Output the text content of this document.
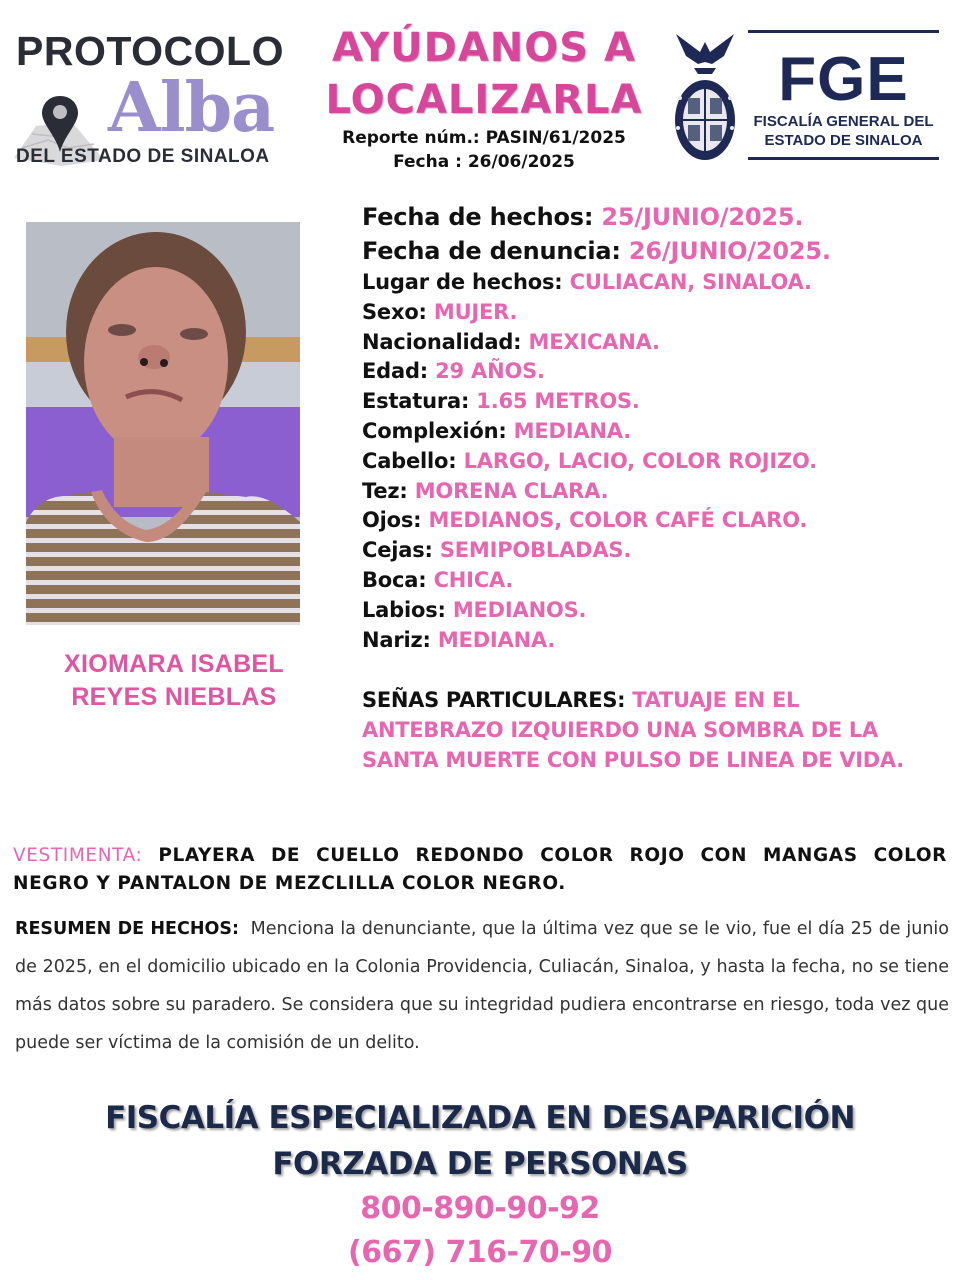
PROTOCOLO
Alba
DEL ESTADO DE SINALOA
AYÚDANOS A
LOCALIZARLA
Reporte núm.: PASIN/61/2025
Fecha : 26/06/2025
FGE
FISCALÍA GENERAL DEL
ESTADO DE SINALOA
XIOMARA ISABEL
REYES NIEBLAS
Fecha de hechos: 25/JUNIO/2025.
Fecha de denuncia: 26/JUNIO/2025.
Lugar de hechos: CULIACAN, SINALOA.
Sexo: MUJER.
Nacionalidad: MEXICANA.
Edad: 29 AÑOS.
Estatura: 1.65 METROS.
Complexión: MEDIANA.
Cabello: LARGO, LACIO, COLOR ROJIZO.
Tez: MORENA CLARA.
Ojos: MEDIANOS, COLOR CAFÉ CLARO.
Cejas: SEMIPOBLADAS.
Boca: CHICA.
Labios: MEDIANOS.
Nariz: MEDIANA.
SEÑAS PARTICULARES: TATUAJE EN EL ANTEBRAZO IZQUIERDO UNA SOMBRA DE LA SANTA MUERTE CON PULSO DE LINEA DE VIDA.
VESTIMENTA: PLAYERA DE CUELLO REDONDO COLOR ROJO CON MANGAS COLOR NEGRO Y PANTALON DE MEZCLILLA COLOR NEGRO.
RESUMEN DE HECHOS: Menciona la denunciante, que la última vez que se le vio, fue el día 25 de junio de 2025, en el domicilio ubicado en la Colonia Providencia, Culiacán, Sinaloa, y hasta la fecha, no se tiene más datos sobre su paradero. Se considera que su integridad pudiera encontrarse en riesgo, toda vez que puede ser víctima de la comisión de un delito.
FISCALÍA ESPECIALIZADA EN DESAPARICIÓN
FORZADA DE PERSONAS
800-890-90-92
(667) 716-70-90
